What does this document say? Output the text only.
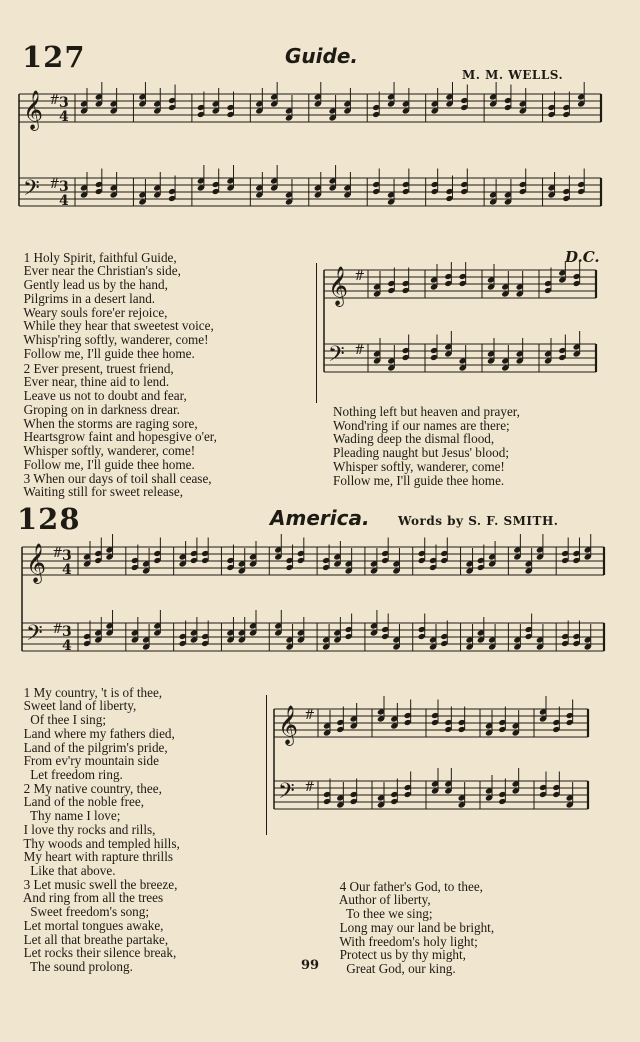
127	Guide.
M. M. WELLS.
𝄞 3
4
#
𝄢 3
4
#

1 Holy Spirit, faithful Guide,
Ever near the Christian's side,
Gently lead us by the hand,
Pilgrims in a desert land.
Weary souls fore'er rejoice,
While they hear that sweetest voice,
Whisp'ring softly, wanderer, come!
Follow me, I'll guide thee home.

2 Ever present, truest friend,
Ever near, thine aid to lend.
Leave us not to doubt and fear,
Groping on in darkness drear.
When the storms are raging sore,
Heartsgrow faint and hopesgive o'er,
Whisper softly, wanderer, come!
Follow me, I'll guide thee home.

3 When our days of toil shall cease,
Waiting still for sweet release,

D.C.
𝄞 #
𝄢 #
Nothing left but heaven and prayer,
Wond'ring if our names are there;
Wading deep the dismal flood,
Pleading naught but Jesus' blood;
Whisper softly, wanderer, come!
Follow me, I'll guide thee home.
128	America. Words by S. F. SMITH.
𝄞 3
4
#
𝄢 3
4
#

1 My country, 't is of thee,
Sweet land of liberty,
Of thee I sing;
Land where my fathers died,
Land of the pilgrim's pride,
From ev'ry mountain side
Let freedom ring.

2 My native country, thee,
Land of the noble free,
Thy name I love;
I love thy rocks and rills,
Thy woods and templed hills,
My heart with rapture thrills
Like that above.

3 Let music swell the breeze,
And ring from all the trees
Sweet freedom's song;
Let mortal tongues awake,
Let all that breathe partake,
Let rocks their silence break,
The sound prolong.

𝄞 #
𝄢 #

4 Our father's God, to thee,
Author of liberty,
To thee we sing;
Long may our land be bright,
With freedom's holy light;
Protect us by thy might,
Great God, our king.

99
